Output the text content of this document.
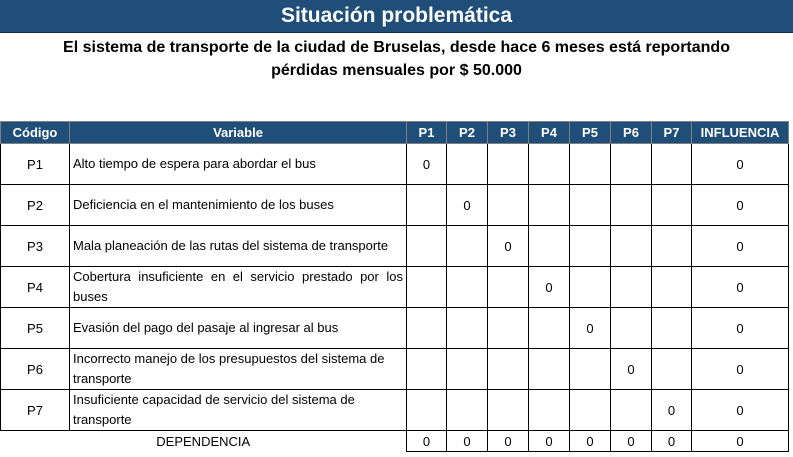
Situación problemática
El sistema de transporte de la ciudad de Bruselas, desde hace 6 meses está reportando
pérdidas mensuales por $ 50.000
Código	Variable	P1	P2	P3	P4	P5	P6	P7	INFLUENCIA
P1	Alto tiempo de espera para abordar el bus	0							0
P2	Deficiencia en el mantenimiento de los buses		0						0
P3	Mala planeación de las rutas del sistema de transporte			0					0
P4	Cobertura insuficiente en el servicio prestado por los buses				0				0
P5	Evasión del pago del pasaje al ingresar al bus					0			0
P6	Incorrecto manejo de los presupuestos del sistema de transporte						0		0
P7	Insuficiente capacidad de servicio del sistema de transporte							0	0
DEPENDENCIA		0	0	0	0	0	0	0	0
